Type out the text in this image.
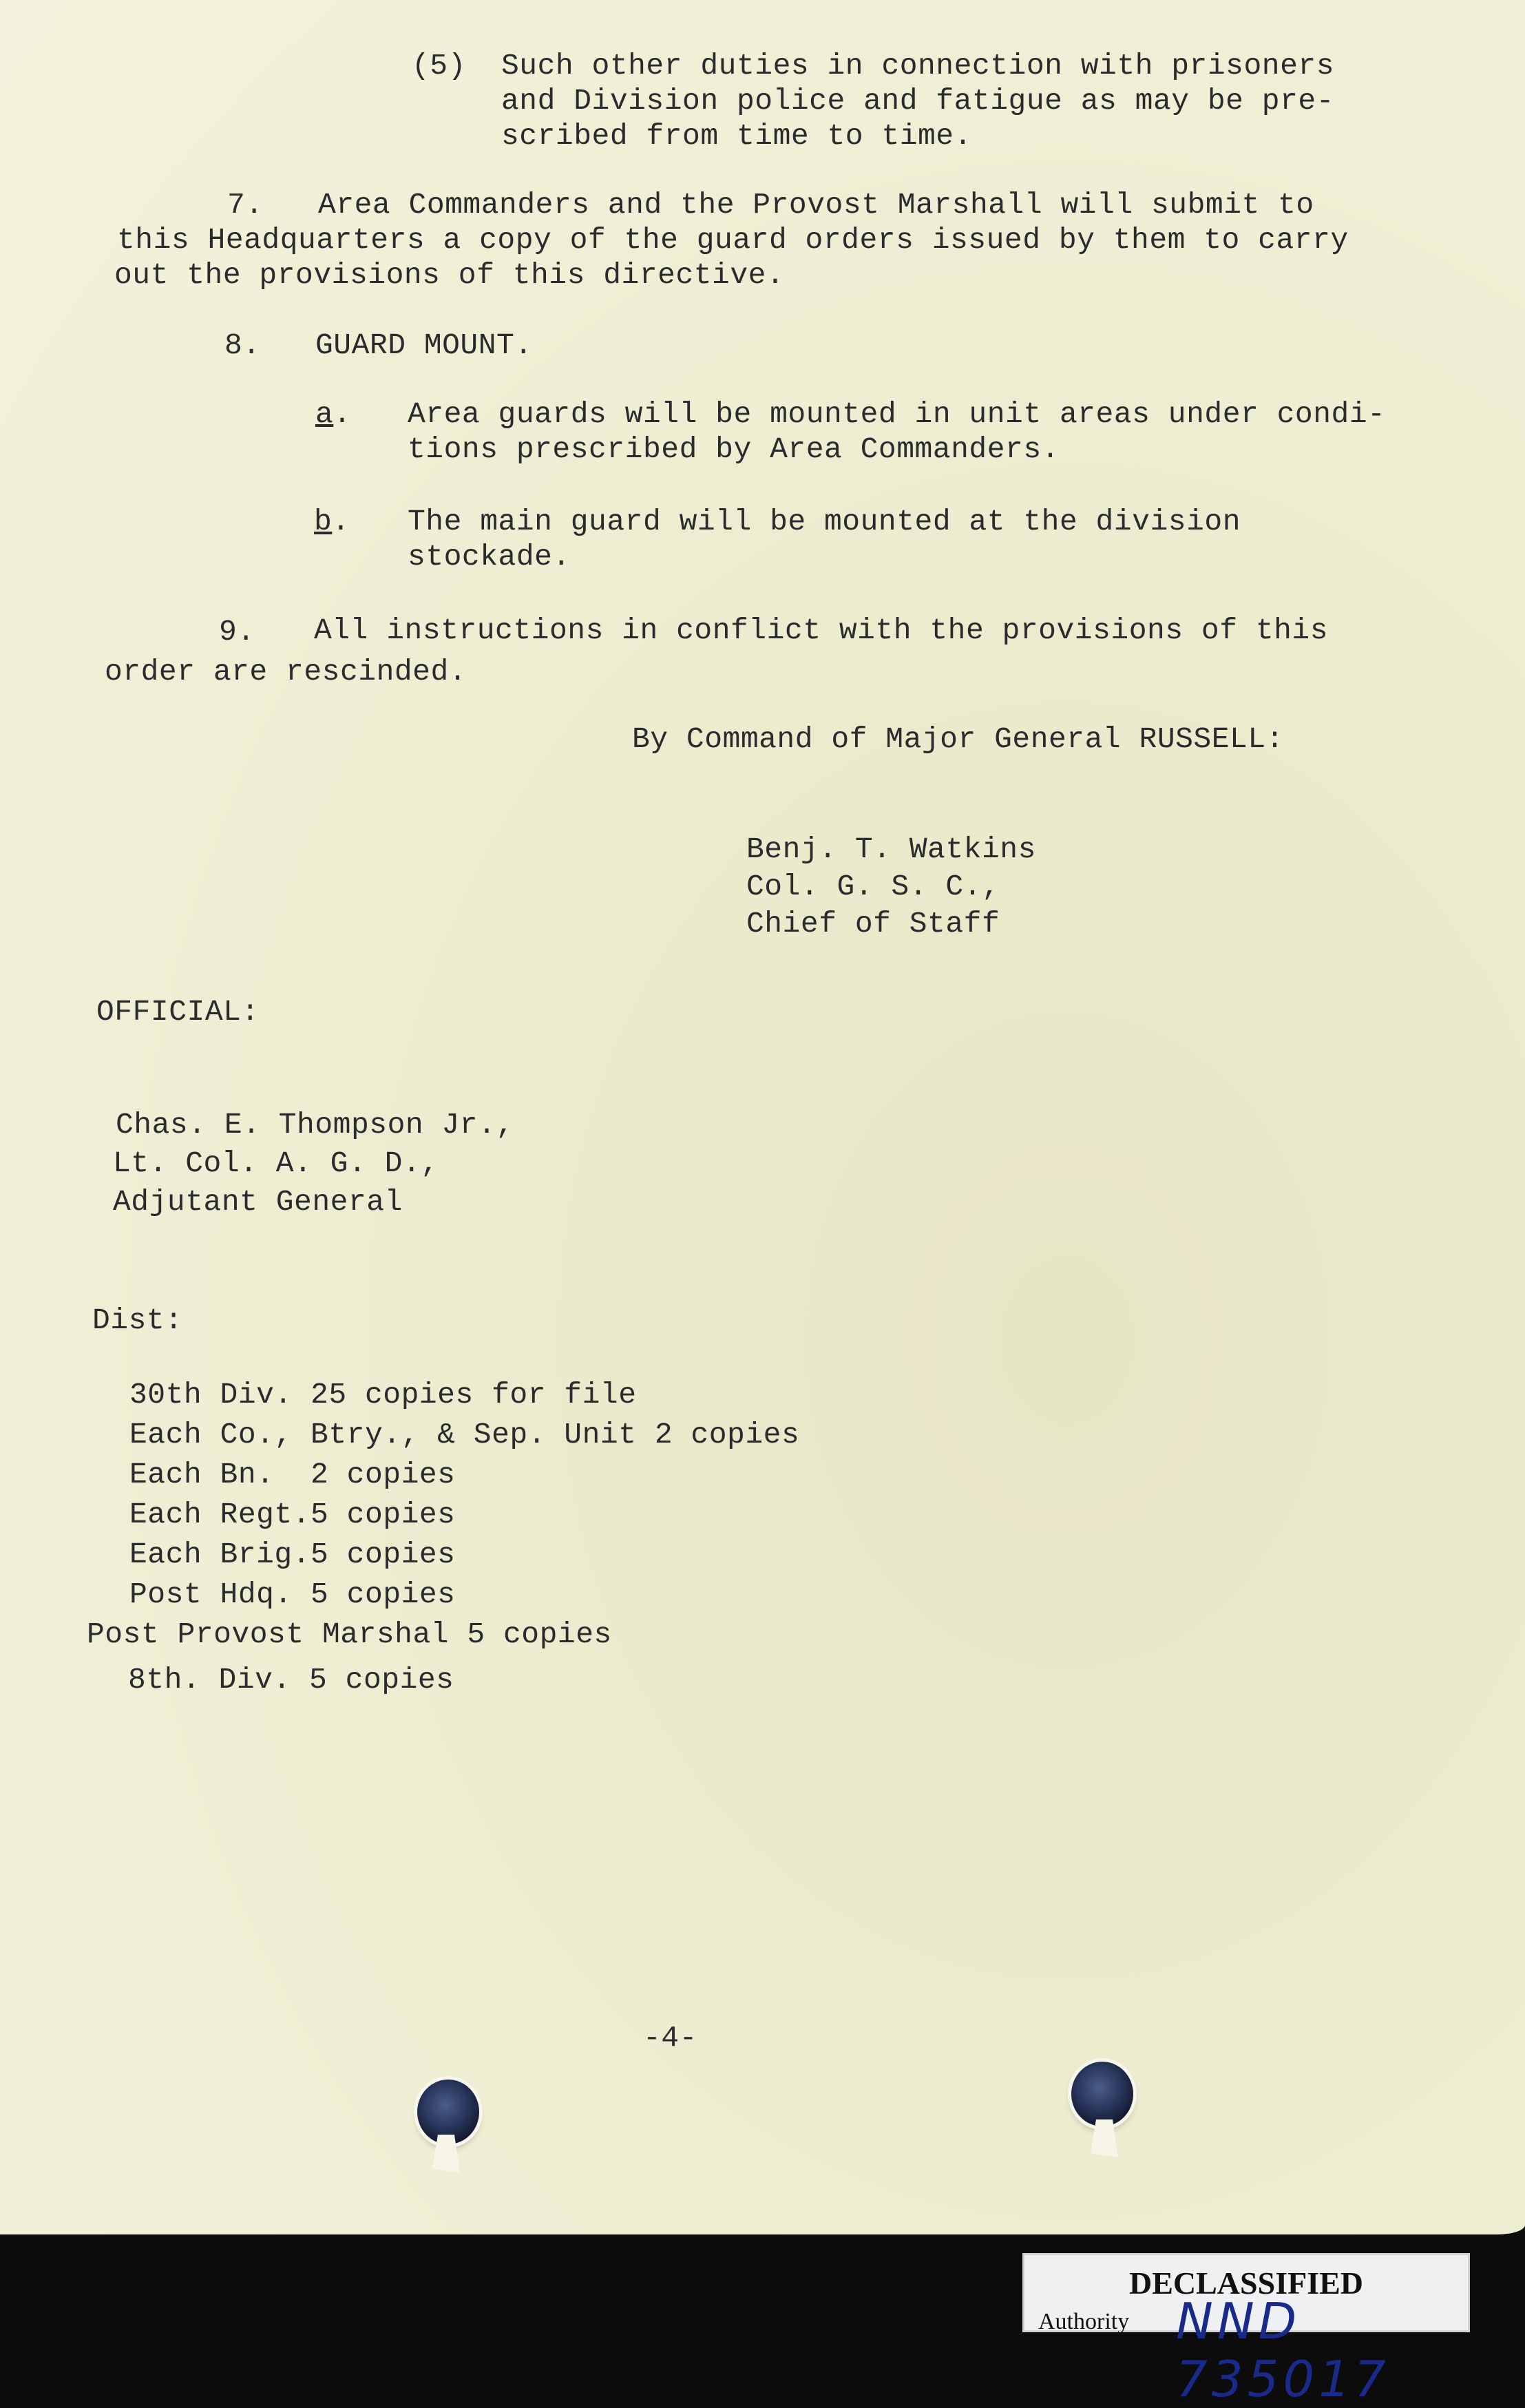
(5) Such other duties in connection with prisoners
and Division police and fatigue as may be pre-
scribed from time to time.
7. Area Commanders and the Provost Marshall will submit to
this Headquarters a copy of the guard orders issued by them to carry
out the provisions of this directive.
8. GUARD MOUNT.
a . Area guards will be mounted in unit areas under condi-
tions prescribed by Area Commanders.
b . The main guard will be mounted at the division
stockade.
9. All instructions in conflict with the provisions of this
order are rescinded.
By Command of Major General RUSSELL:
Benj. T. Watkins
Col. G. S. C.,
Chief of Staff
OFFICIAL:
Chas. E. Thompson Jr.,
Lt. Col. A. G. D.,
Adjutant General
Dist:
30th Div. 25 copies for file
Each Co., Btry., & Sep. Unit 2 copies
Each Bn.  2 copies
Each Regt.5 copies
Each Brig.5 copies
Post Hdq. 5 copies
Post Provost Marshal 5 copies
8th. Div. 5 copies
-4-
DECLASSIFIED
Authority NND 735017
